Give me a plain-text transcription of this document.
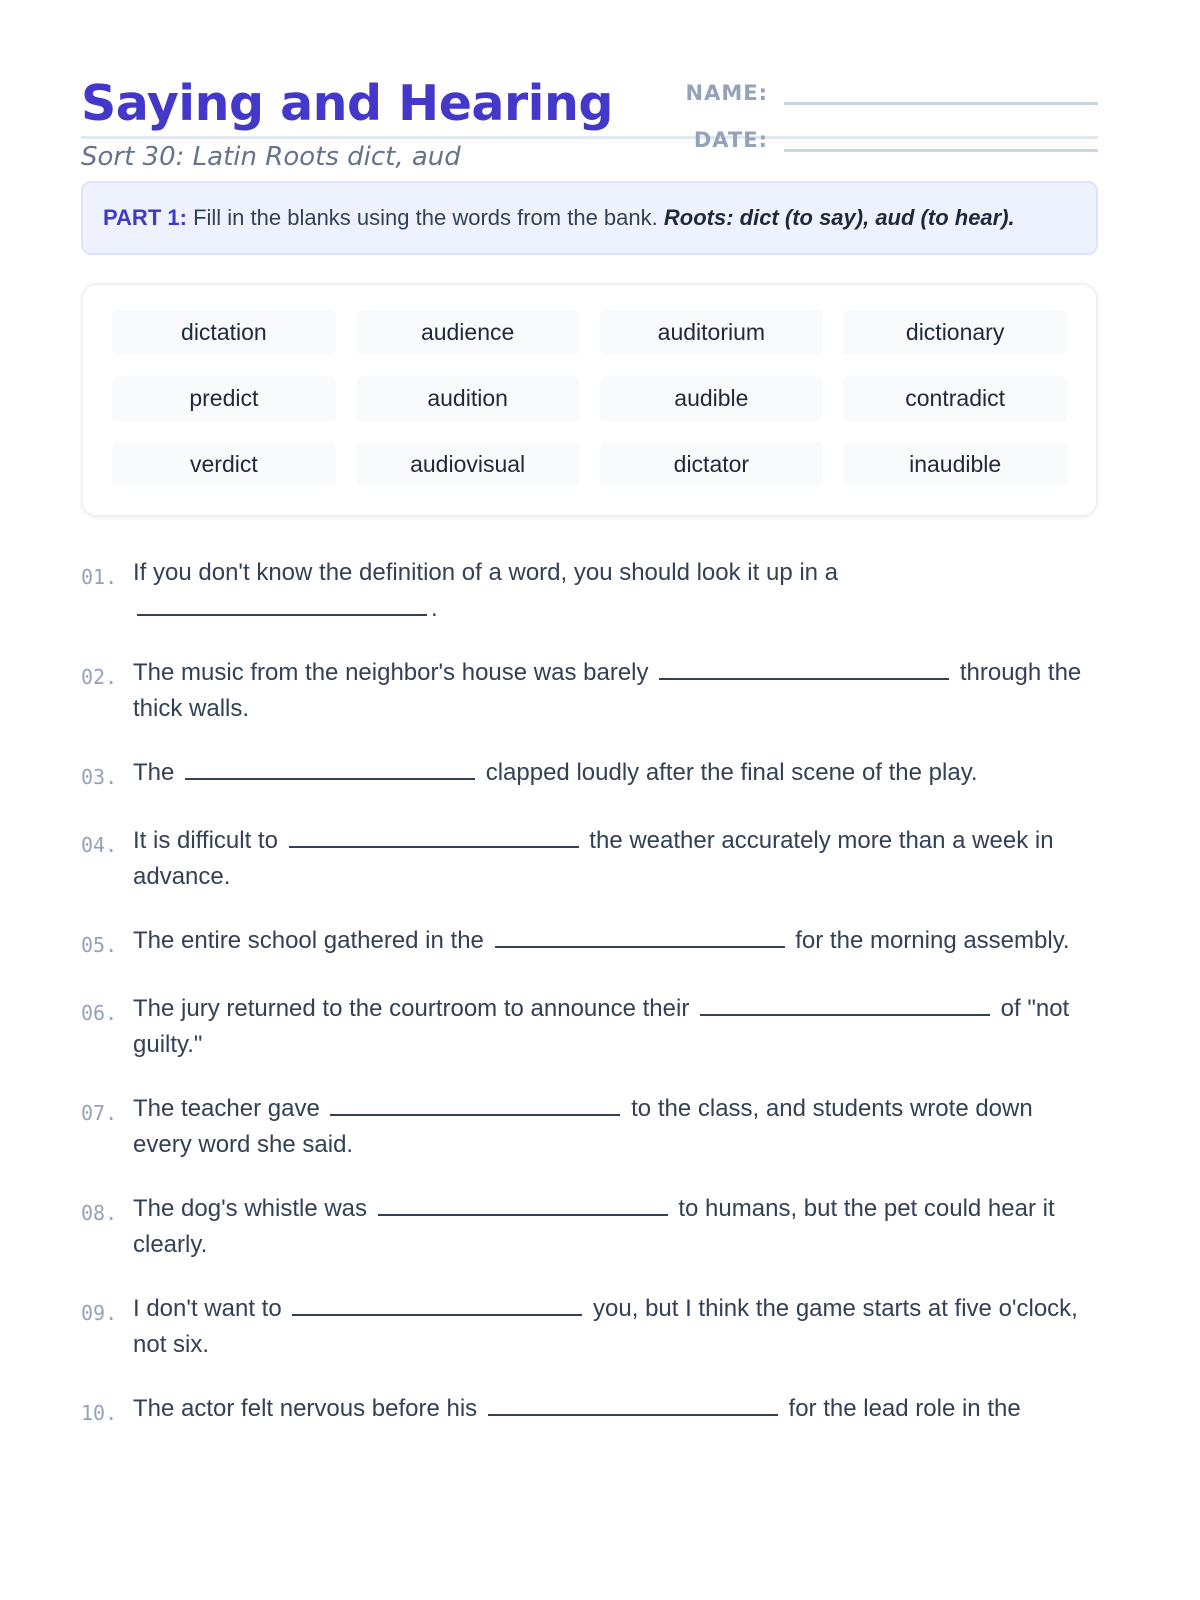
Saying and Hearing
Sort 30: Latin Roots dict, aud
NAME:
DATE:
PART 1: Fill in the blanks using the words from the bank. Roots: dict (to say), aud (to hear).
dictation	audience	auditorium	dictionary
predict	audition	audible	contradict
verdict	audiovisual	dictator	inaudible
01. If you don't know the definition of a word, you should look it up in a .
02. The music from the neighbor's house was barely	through the thick walls.
03. The	clapped loudly after the final scene of the play.
04. It is difficult to	the weather accurately more than a week in advance.
05. The entire school gathered in the	for the morning assembly.
06. The jury returned to the courtroom to announce their	of "not guilty."
07. The teacher gave	to the class, and students wrote down every word she said.
08. The dog's whistle was	to humans, but the pet could hear it clearly.
09. I don't want to	you, but I think the game starts at five o'clock, not six.
10. The actor felt nervous before his	for the lead role in the
